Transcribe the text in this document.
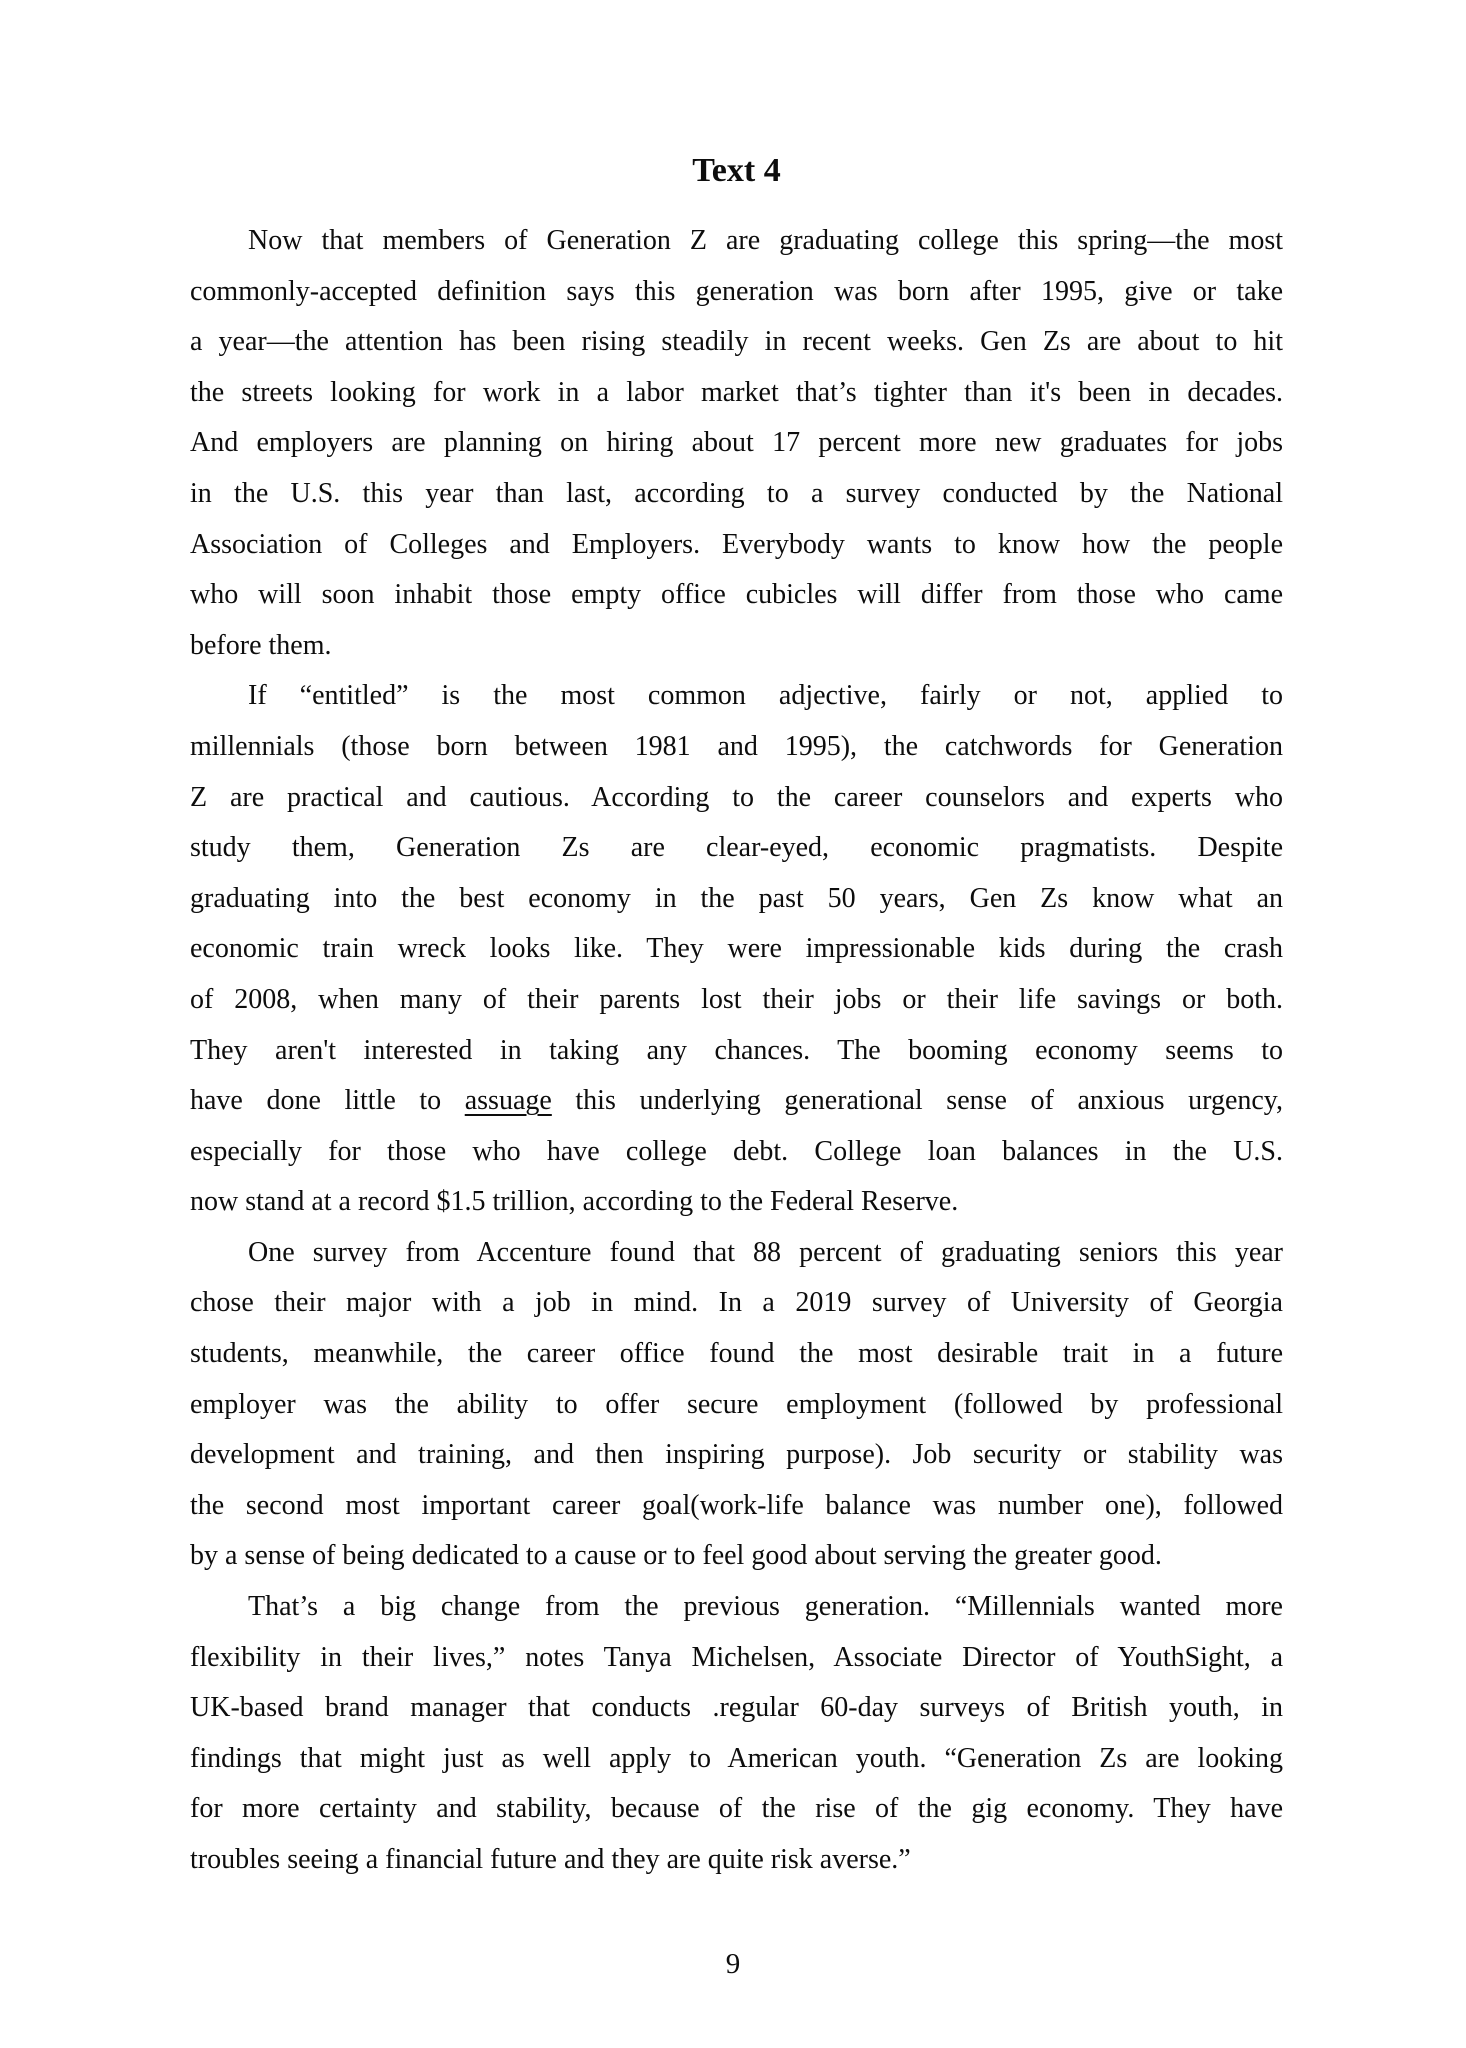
Text 4
Now that members of Generation Z are graduating college this spring—the most
commonly-accepted definition says this generation was born after 1995, give or take
a year—the attention has been rising steadily in recent weeks. Gen Zs are about to hit
the streets looking for work in a labor market that’s tighter than it's been in decades.
And employers are planning on hiring about 17 percent more new graduates for jobs
in the U.S. this year than last, according to a survey conducted by the National
Association of Colleges and Employers. Everybody wants to know how the people
who will soon inhabit those empty office cubicles will differ from those who came
before them.
If “entitled” is the most common adjective, fairly or not, applied to
millennials (those born between 1981 and 1995), the catchwords for Generation
Z are practical and cautious. According to the career counselors and experts who
study them, Generation Zs are clear-eyed, economic pragmatists. Despite
graduating into the best economy in the past 50 years, Gen Zs know what an
economic train wreck looks like. They were impressionable kids during the crash
of 2008, when many of their parents lost their jobs or their life savings or both.
They aren't interested in taking any chances. The booming economy seems to
have done little to assuage this underlying generational sense of anxious urgency,
especially for those who have college debt. College loan balances in the U.S.
now stand at a record $1.5 trillion, according to the Federal Reserve.
One survey from Accenture found that 88 percent of graduating seniors this year
chose their major with a job in mind. In a 2019 survey of University of Georgia
students, meanwhile, the career office found the most desirable trait in a future
employer was the ability to offer secure employment (followed by professional
development and training, and then inspiring purpose). Job security or stability was
the second most important career goal(work-life balance was number one), followed
by a sense of being dedicated to a cause or to feel good about serving the greater good.
That’s a big change from the previous generation. “Millennials wanted more
flexibility in their lives,” notes Tanya Michelsen, Associate Director of YouthSight, a
UK-based brand manager that conducts .regular 60-day surveys of British youth, in
findings that might just as well apply to American youth. “Generation Zs are looking
for more certainty and stability, because of the rise of the gig economy. They have
troubles seeing a financial future and they are quite risk averse.”
9
